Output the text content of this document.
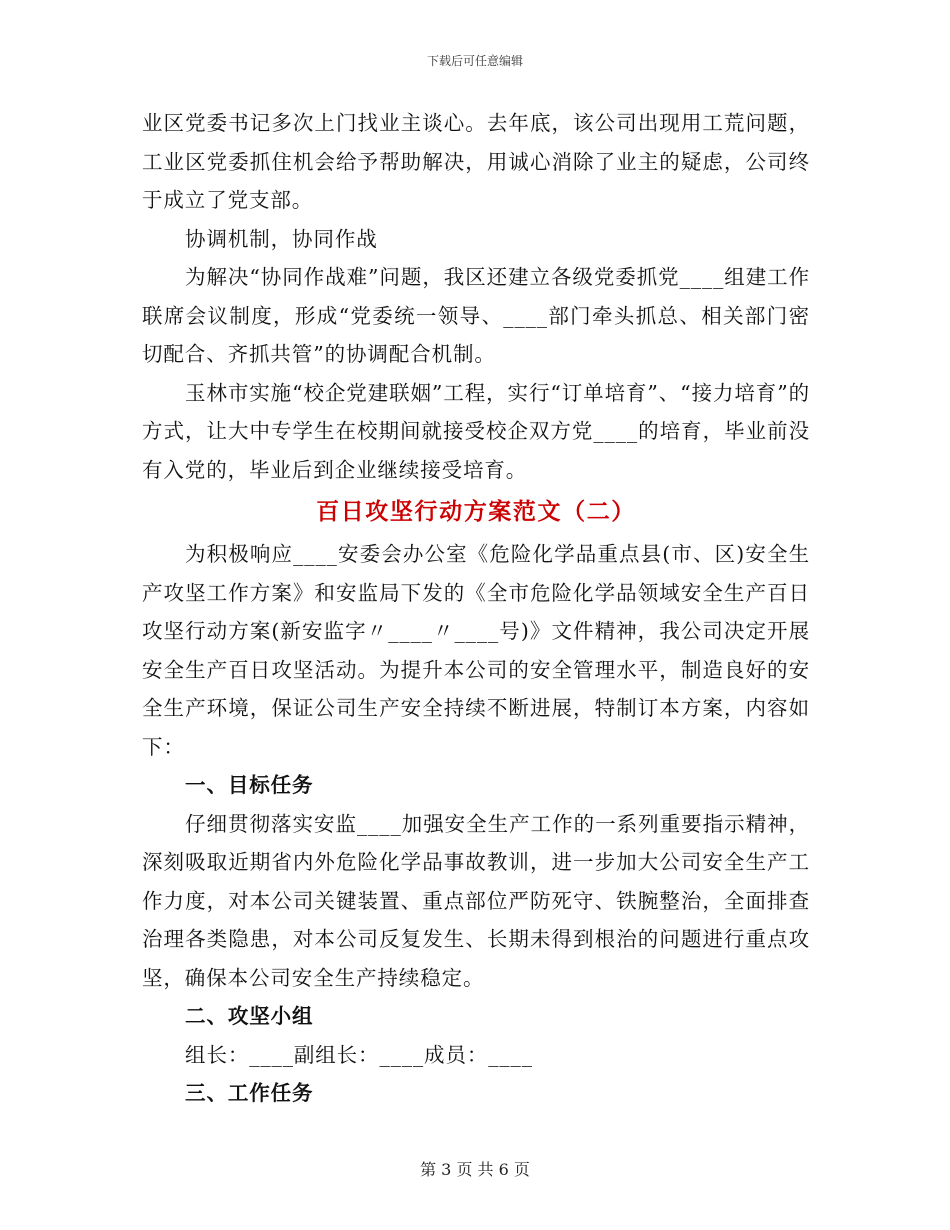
下载后可任意编辑

业区党委书记多次上门找业主谈心。去年底，该公司出现用工荒问题，工业区党委抓住机会给予帮助解决，用诚心消除了业主的疑虑，公司终于成立了党支部。

协调机制，协同作战

为解决“协同作战难”问题，我区还建立各级党委抓党____组建工作联席会议制度，形成“党委统一领导、____部门牵头抓总、相关部门密切配合、齐抓共管”的协调配合机制。

玉林市实施“校企党建联姻”工程，实行“订单培育”、“接力培育”的方式，让大中专学生在校期间就接受校企双方党____的培育，毕业前没有入党的，毕业后到企业继续接受培育。

百日攻坚行动方案范文（二）

为积极响应____安委会办公室《危险化学品重点县(市、区)安全生产攻坚工作方案》和安监局下发的《全市危险化学品领域安全生产百日攻坚行动方案(新安监字〃____〃____号)》文件精神，我公司决定开展安全生产百日攻坚活动。为提升本公司的安全管理水平，制造良好的安全生产环境，保证公司生产安全持续不断进展，特制订本方案，内容如下：

一、目标任务

仔细贯彻落实安监____加强安全生产工作的一系列重要指示精神，深刻吸取近期省内外危险化学品事故教训，进一步加大公司安全生产工作力度，对本公司关键装置、重点部位严防死守、铁腕整治，全面排查治理各类隐患，对本公司反复发生、长期未得到根治的问题进行重点攻坚，确保本公司安全生产持续稳定。

二、攻坚小组

组长：____副组长：____成员：____

三、工作任务

第 3 页 共 6 页
